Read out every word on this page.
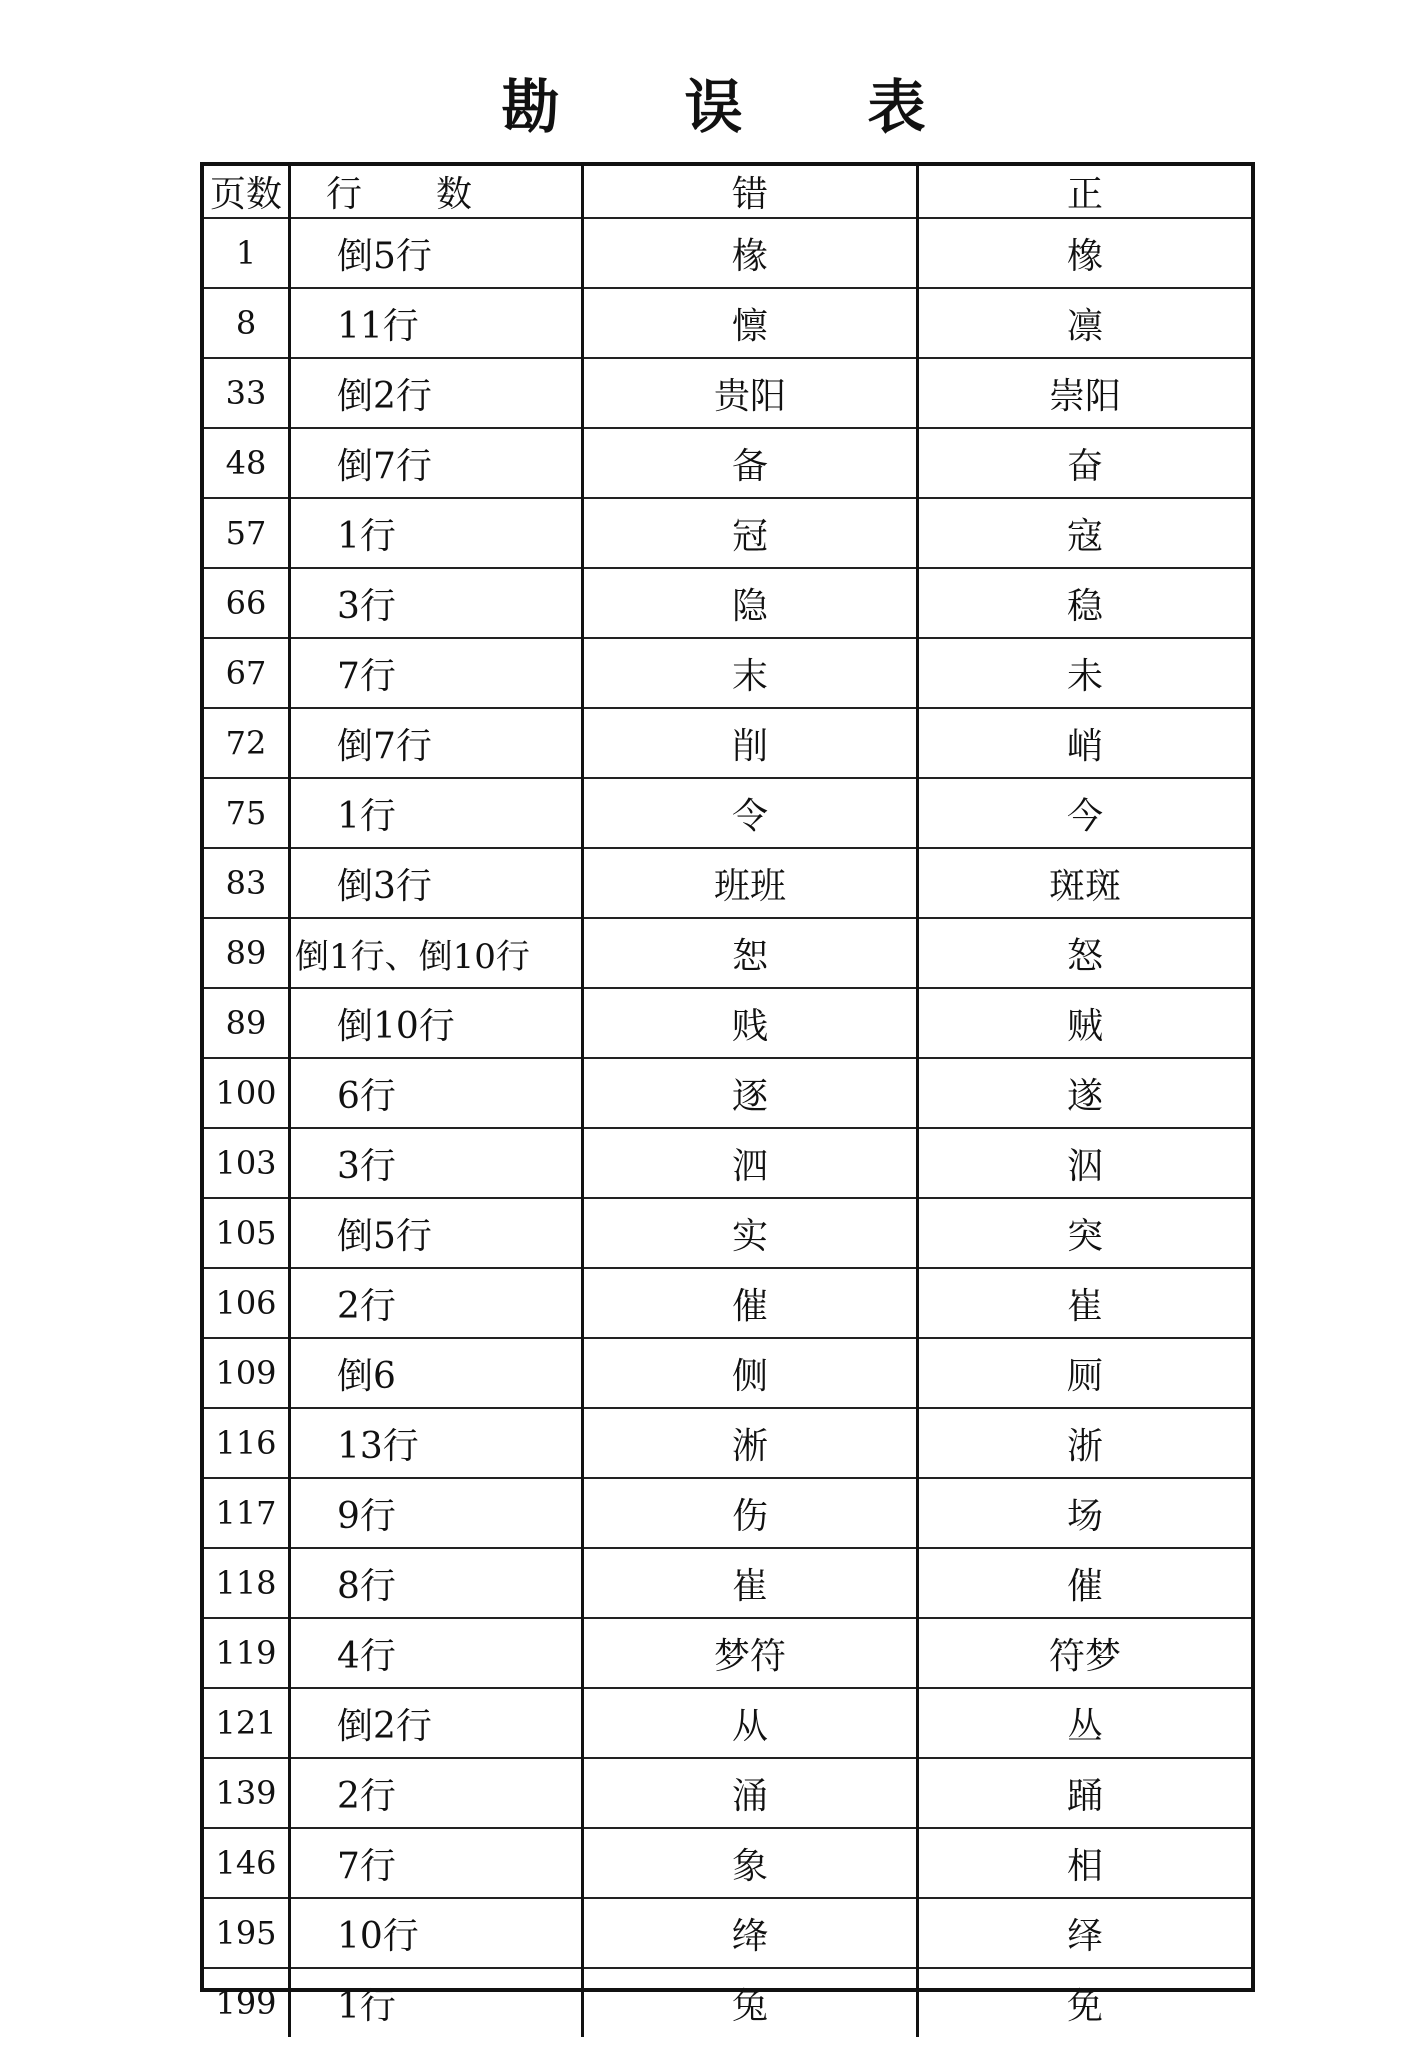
勘 误 表
页数	行数	错	正
1	倒5行	椽	橡
8	11行	懔	凛
33	倒2行	贵阳	崇阳
48	倒7行	备	奋
57	1行	冠	寇
66	3行	隐	稳
67	7行	末	未
72	倒7行	削	峭
75	1行	令	今
83	倒3行	班班	斑斑
89	倒1行、倒10行	恕	怒
89	倒10行	贱	贼
100	6行	逐	遂
103	3行	泗	泅
105	倒5行	实	突
106	2行	催	崔
109	倒6	侧	厕
116	13行	淅	浙
117	9行	伤	场
118	8行	崔	催
119	4行	梦符	符梦
121	倒2行	从	丛
139	2行	涌	踊
146	7行	象	相
195	10行	绛	绎
199	1行	兔	免
